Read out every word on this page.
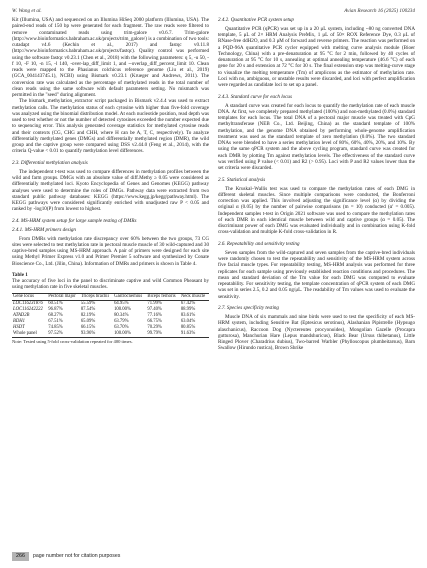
W. Wang et al.	Avian Research 16 (2025) 100234

Kit (Illumina, USA) and sequenced on an Illumina HiSeq 2000 platform (Illumina, USA). The paired-end reads of 150 bp were generated for each fragment. The raw reads were filtered to remove contaminated reads using trim-galore v0.6.7. Trim-galore (http://www.bioinformatics.babraham.ac.uk/projects/trim_galore/) is a combination of two tools: cutadapt v4.6 (Kechin et al., 2017) and fastqc v0.11.8 (http://www.bioinformatics.babraham.ac.uk/projects/fastqc). Quality control was performed using the software fastqc v0.23.1 (Chen et al., 2018) with the following parameters: q 5, -u 50, -f 10, -F 10, -n 15, -l 140, -over-lap_diff_limit 1, and --overlap_diff_percent_limit 10. Clean reads were mapped to the Phasianus colchicus reference genome (Liu et al., 2019) (GCA_004143745.1), NCBI) using Bismark v0.23.1 (Krueger and Andrews, 2011). The conversion rate was calculated as the percentage of methylated reads in the total number of clean reads using the same software with default parameters setting. No mismatch was permitted in the "seed" during alignment.

The bismark_methylation_extractor script packaged in Bismark v2.4.4 was used to extract methylation calls. The methylation status of each cytosine with higher than five-fold coverage was analyzed using the binomial distribution model. At each nucleotide position, read depth was used to test whether or not the number of detected cytosines exceeded the number expected due to sequencing error. This analysis generated coverage statistics for methylated cytosine reads and their contexts (CG, CHG and CHH, where H can be A, T, C, respectively). To analyze differentially methylated genes (DMGs) and differentially methylated region (DMR), the wild group and the captive group were compared using DSS v2.44.0 (Feng et al., 2014), with the criteria Q-value < 0.01 to quantify methylation level differences.

2.3. Differential methylation analysis

The independent t-test was used to compare differences in methylation profiles between the wild and farm groups. DMGs with an absolute value of diff.Methy ≥ 0.05 were considered as differentially methylated loci. Kyoto Encyclopedia of Genes and Genomes (KEGG) pathway analyses were used to determine the roles of DMGs. Pathway data were extracted from two standard public pathway databases: KEGG (https://www.kegg.jp/kegg/pathway.html). The KEGG pathways were considered significantly enriched with unadjusted raw P < 0.05 and ranked by -log10(P) from lowest to highest.

2.4. MS-HRM system setup for large sample testing of DMRs

2.4.1. MS-HRM primers design

From DMRs with methylation rate discrepancy over 60% between the two groups, 73 CG sites were selected to test methylation rate in pectoral muscle muscle of 30 wild-captured and 30 captive-bred samples using MS-HRM approach. A pair of primers were designed for each site using Methyl Primer Express v1.0 and Primer Premier 5 software and synthesized by Conate Bioscience Co., Ltd. (Jilin, China). Information of DMRs and primers is shown in Table 4.

Table 1
The accuracy of five loci in the panel to discriminate captive and wild Common Pheasant by using methylation rate in five skeletal muscles.

Gene locus	Pectoral major	Triceps brachii	Gastrocnemius	Biceps femoris	Neck muscle
LOC116231876	60.51%	55.59%	64.95%	71.99%	67.42%
LOC116242222	96.87%	87.54%	100.00%	97.40%	88.99%
ATAD2B	68.27%	82.19%	80.34%	77.16%	83.61%
BDH1	67.51%	65.09%	63.79%	66.75%	63.04%
HSDT	74.85%	66.15%	63.70%	70.29%	80.85%
Whole panel	97.52%	93.96%	100.00%	99.79%	91.63%

Note: Tested using 5-fold cross-validation repeated for 400 times.

2.4.2. Quantitative PCR system setup

Quantitative PCR (qPCR) was set up in a 20 μL system, including ~80 ng converted DNA template, 5 μL of 2× HRM Analysis PreMix, 1 μL of 50× ROX Reference Dye, 0.3 μL of RNase-free ddH2O, and 0.3 μM of forward and reverse primers. The reaction was performed on a PQD-96A quantitative PCR cycler equipped with melting curve analysis module (Bioer Technology, China) with a pre-denaturation at 95 °C for 2 min, followed by 40 cycles of denaturation at 95 °C for 10 s, annealing at optimal annealing temperature (46.6 °C) of each gene for 20 s and extension at 72 °C for 30 s. The final extension step was melting-curve stage to visualize the melting temperature (Tm) of amplicons as the estimator of methylation rate. Loci with no, ambiguous, or unstable results were discarded, and loci with perfect amplification were regarded as candidate loci to set up a panel.

2.4.3. Standard curve for each locus

A standard curve was created for each locus to quantify the methylation rate of each muscle DNA. At first, we completely prepared methylated (100%) and non-methylated (0.0%) standard templates for each locus. The total DNA of a pectoral major muscle was treated with CpG methyltransferase (NEB Co., Ltd. Beijing, China) as the standard template of 100% methylation, and the genome DNA obtained by performing whole-genome amplification treatment was used as the standard template of zero methylation (0.0%). The two standard DNAs were blended to have a series methylation level of 80%, 60%, 40%, 20%, and 10%. By using the same qPCR system and the above cycling program, standard curve was created for each DMR by plotting Tm against methylation levels. The effectiveness of the standard curve was verified using P value (< 0.01) and R2 (> 0.95). Loci with P and R2 values lower than the set criteria were discarded.

2.5. Statistical analysis

The Kruskal–Wallis test was used to compare the methylation rates of each DMG in different skeletal muscles. Since multiple comparisons were conducted, the Bonferroni correction was applied. This involved adjusting the significance level (α) by dividing the original α (0.05) by the number of pairwise comparisons (m = 10) conducted (α' = 0.005). Independent samples t-test in Origin 2021 software was used to compare the methylation rates of each DMR in each identical muscle between wild and captive groups (α = 0.05). The discriminant power of each DMG was evaluated individually and in combination using K-fold cross-validation and multiple K-fold cross-validation in R.

2.6. Repeatability and sensitivity testing

Seven samples from the wild-captured and seven samples from the captive-bred individuals were randomly chosen to test the repeatability and sensitivity of the MS-HRM system across five facial muscle types. For repeatability testing, MS-HRM analysis was performed for three replicates for each sample using previously established reaction conditions and procedures. The mean and standard deviation of the Tm value for each DMG was computed to evaluate repeatability. For sensitivity testing, the template concentration of qPCR system of each DMG was set in series 2.5, 0.2 and 0.05 ng/μL. The readability of Tm values was used to evaluate the sensitivity.

2.7. Species specificity testing

Muscle DNA of six mammals and nine birds were used to test the specificity of each MS-HRM system, including Sensitive Bat (Eptesicus serotinus), Alashanian Pipistrelle (Hypsugo alaschanicus), Raccoon Dog (Nyctereutes procyonoides), Mongolian Gazelle (Procapra gutturosa), Manchurian Hare (Lepus mandshuricus), Black Bear (Ursus thibetanus), Little Ringed Plover (Charadrius dubius), Two-barred Warbler (Phylloscopus plumbeitarsus), Barn Swallow (Hirundo rustica), Brown Shrike

266	page number not for citation purposes
